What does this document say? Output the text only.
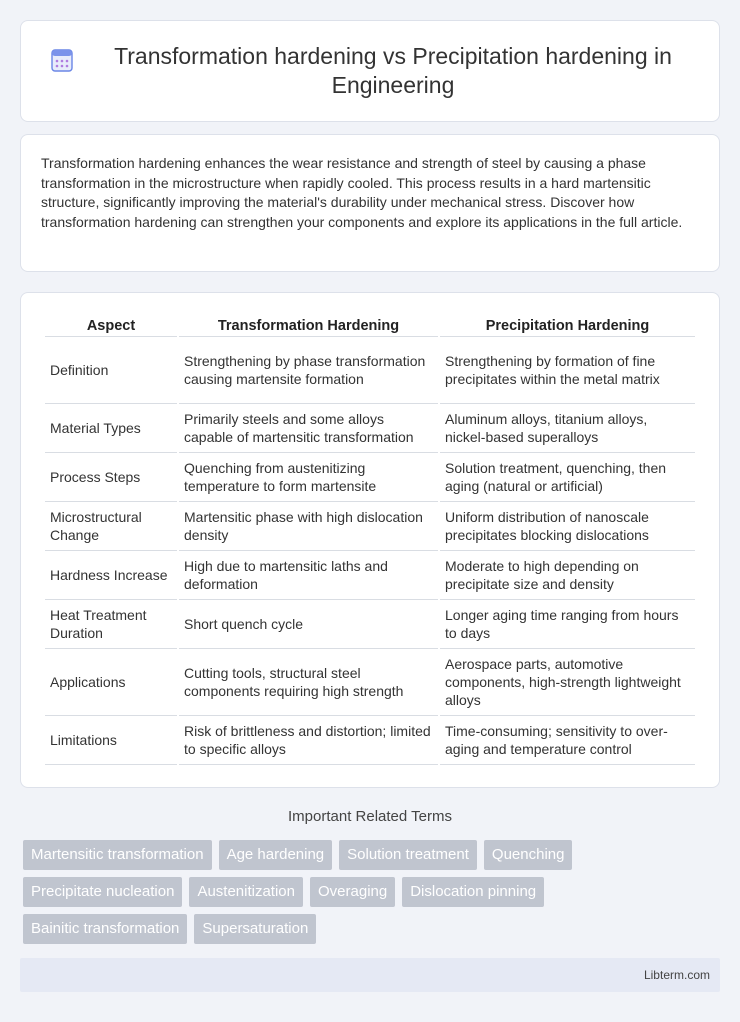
Transformation hardening vs Precipitation hardening in Engineering

Transformation hardening enhances the wear resistance and strength of steel by causing a phase transformation in the microstructure when rapidly cooled. This process results in a hard martensitic structure, significantly improving the material's durability under mechanical stress. Discover how transformation hardening can strengthen your components and explore its applications in the full article.

Aspect	Transformation Hardening	Precipitation Hardening
Definition	Strengthening by phase transformation causing martensite formation	Strengthening by formation of fine precipitates within the metal matrix
Material Types	Primarily steels and some alloys capable of martensitic transformation	Aluminum alloys, titanium alloys, nickel-based superalloys
Process Steps	Quenching from austenitizing temperature to form martensite	Solution treatment, quenching, then aging (natural or artificial)
Microstructural Change	Martensitic phase with high dislocation density	Uniform distribution of nanoscale precipitates blocking dislocations
Hardness Increase	High due to martensitic laths and deformation	Moderate to high depending on precipitate size and density
Heat Treatment Duration	Short quench cycle	Longer aging time ranging from hours to days
Applications	Cutting tools, structural steel components requiring high strength	Aerospace parts, automotive components, high-strength lightweight alloys
Limitations	Risk of brittleness and distortion; limited to specific alloys	Time-consuming; sensitivity to over-aging and temperature control
Important Related Terms
Martensitic transformation	Age hardening	Solution treatment	Quenching
Precipitate nucleation	Austenitization	Overaging	Dislocation pinning
Bainitic transformation	Supersaturation
Libterm.com
